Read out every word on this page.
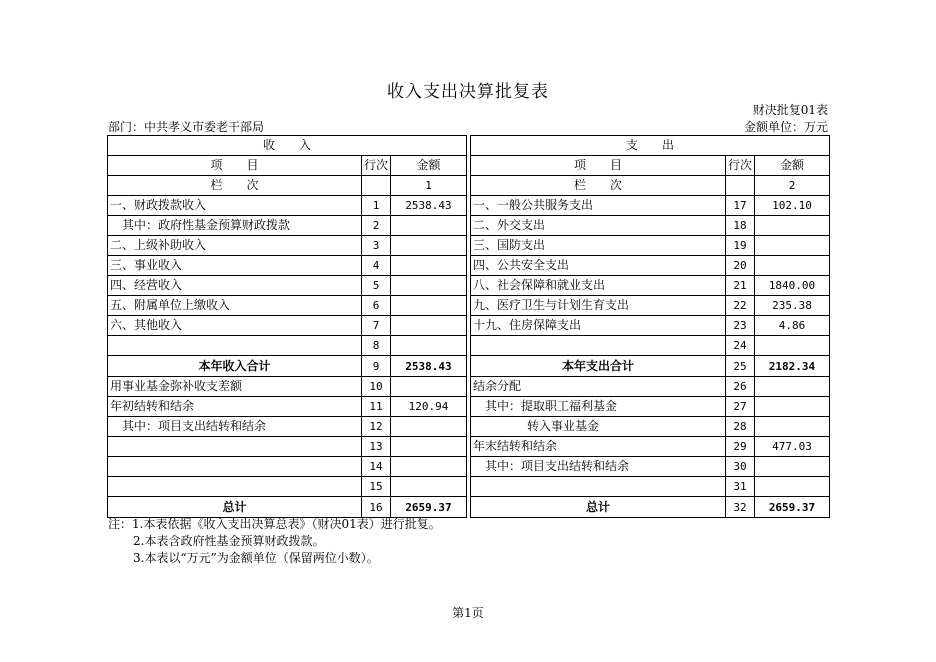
收入支出决算批复表
财决批复01表
部门：中共孝义市委老干部局	金额单位：万元
收　　入				支　　出		
项　　目	行次	金额		项　　目	行次	金额
栏　　次		1		栏　　次		2
一、财政拨款收入	1	2538.43		一、一般公共服务支出	17	102.10
其中：政府性基金预算财政拨款	2			二、外交支出	18	
二、上级补助收入	3			三、国防支出	19	
三、事业收入	4			四、公共安全支出	20	
四、经营收入	5			八、社会保障和就业支出	21	1840.00
五、附属单位上缴收入	6			九、医疗卫生与计划生育支出	22	235.38
六、其他收入	7			十九、住房保障支出	23	4.86
	8				24	
本年收入合计	9	2538.43		本年支出合计	25	2182.34
用事业基金弥补收支差额	10			结余分配	26	
年初结转和结余	11	120.94		其中：提取职工福利基金	27	
其中：项目支出结转和结余	12			转入事业基金	28	
	13			年末结转和结余	29	477.03
	14			其中：项目支出结转和结余	30	
	15				31	
总计	16	2659.37		总计	32	2659.37
注：1.本表依据《收入支出决算总表》（财决01表）进行批复。
2.本表含政府性基金预算财政拨款。
3.本表以“万元”为金额单位（保留两位小数）。
第1页
